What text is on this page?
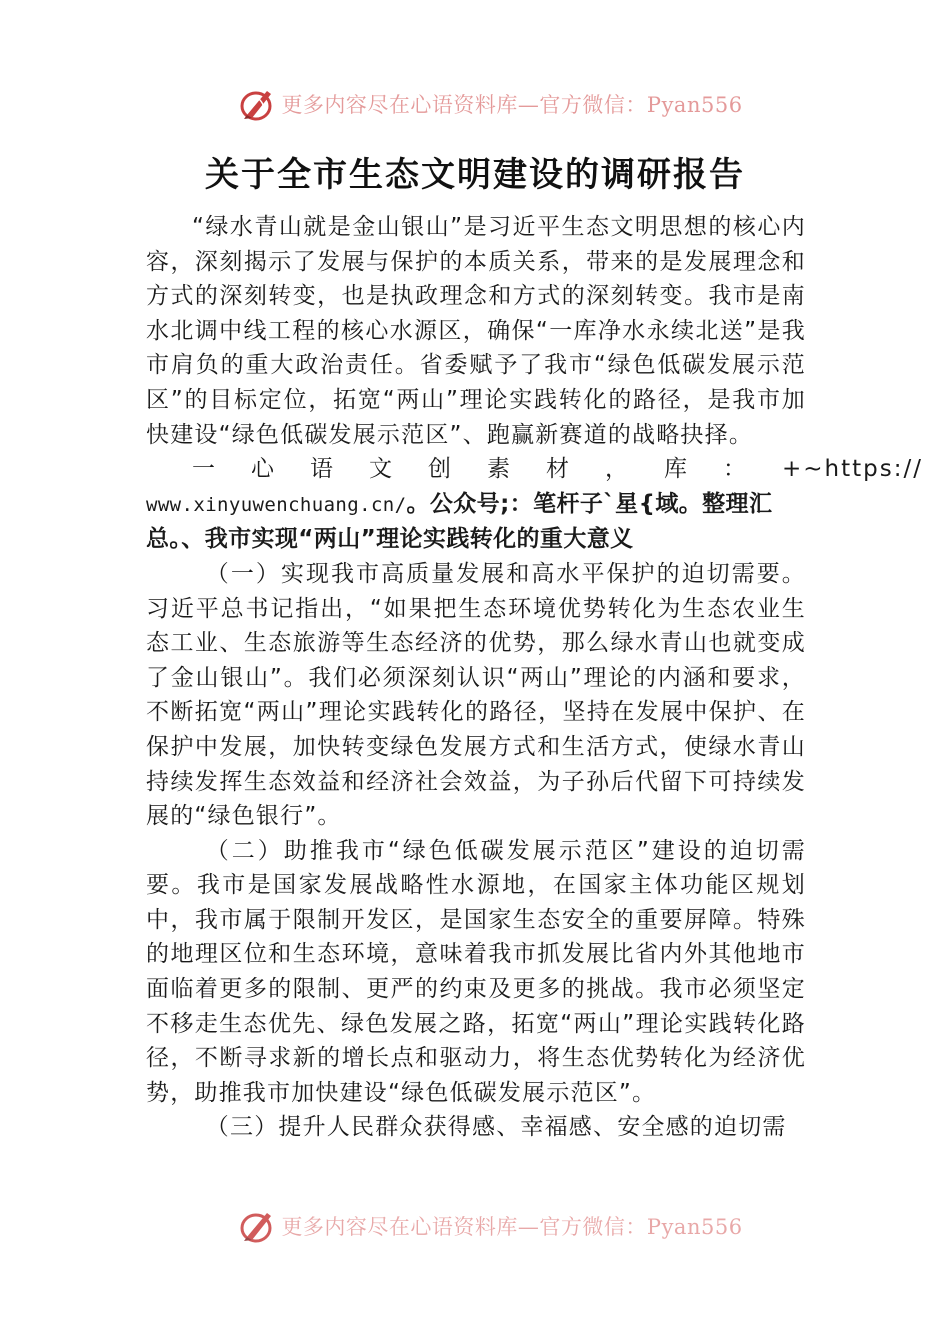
更多内容尽在心语资料库—官方微信：Pyan556
关于全市生态文明建设的调研报告

“绿水青山就是金山银山”是习近平生态文明思想的核心内容，深刻揭示了发展与保护的本质关系，带来的是发展理念和方式的深刻转变，也是执政理念和方式的深刻转变。我市是南水北调中线工程的核心水源区，确保“一库净水永续北送”是我市肩负的重大政治责任。省委赋予了我市“绿色低碳发展示范区”的目标定位，拓宽“两山”理论实践转化的路径，是我市加快建设“绿色低碳发展示范区”、跑赢新赛道的战略抉择。

一心语文创素材，库：+~https://
www.xinyuwenchuang.cn/。公众号;：笔杆子`星{域。整理汇总。、我市实现“两山”理论实践转化的重大意义

（一）实现我市高质量发展和高水平保护的迫切需要。习近平总书记指出，“如果把生态环境优势转化为生态农业生态工业、生态旅游等生态经济的优势，那么绿水青山也就变成了金山银山”。我们必须深刻认识“两山”理论的内涵和要求，不断拓宽“两山”理论实践转化的路径，坚持在发展中保护、在保护中发展，加快转变绿色发展方式和生活方式，使绿水青山持续发挥生态效益和经济社会效益，为子孙后代留下可持续发展的“绿色银行”。

（二）助推我市“绿色低碳发展示范区”建设的迫切需要。我市是国家发展战略性水源地，在国家主体功能区规划中，我市属于限制开发区，是国家生态安全的重要屏障。特殊的地理区位和生态环境，意味着我市抓发展比省内外其他地市面临着更多的限制、更严的约束及更多的挑战。我市必须坚定不移走生态优先、绿色发展之路，拓宽“两山”理论实践转化路径，不断寻求新的增长点和驱动力，将生态优势转化为经济优势，助推我市加快建设“绿色低碳发展示范区”。

（三）提升人民群众获得感、幸福感、安全感的迫切需

更多内容尽在心语资料库—官方微信：Pyan556
